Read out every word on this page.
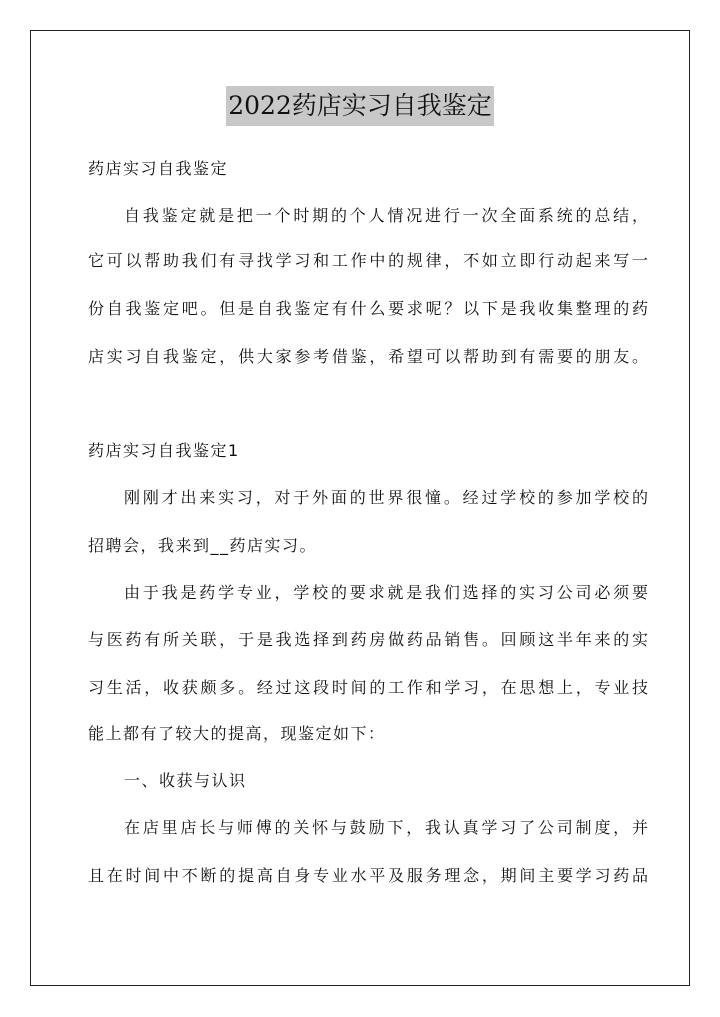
2022药店实习自我鉴定
药店实习自我鉴定
自我鉴定就是把一个时期的个人情况进行一次全面系统的总结，
它可以帮助我们有寻找学习和工作中的规律，不如立即行动起来写一
份自我鉴定吧。但是自我鉴定有什么要求呢？以下是我收集整理的药
店实习自我鉴定，供大家参考借鉴，希望可以帮助到有需要的朋友。
药店实习自我鉴定1
刚刚才出来实习，对于外面的世界很憧。经过学校的参加学校的
招聘会，我来到__药店实习。
由于我是药学专业，学校的要求就是我们选择的实习公司必须要
与医药有所关联，于是我选择到药房做药品销售。回顾这半年来的实
习生活，收获颇多。经过这段时间的工作和学习，在思想上，专业技
能上都有了较大的提高，现鉴定如下：
一、收获与认识
在店里店长与师傅的关怀与鼓励下，我认真学习了公司制度，并
且在时间中不断的提高自身专业水平及服务理念，期间主要学习药品
